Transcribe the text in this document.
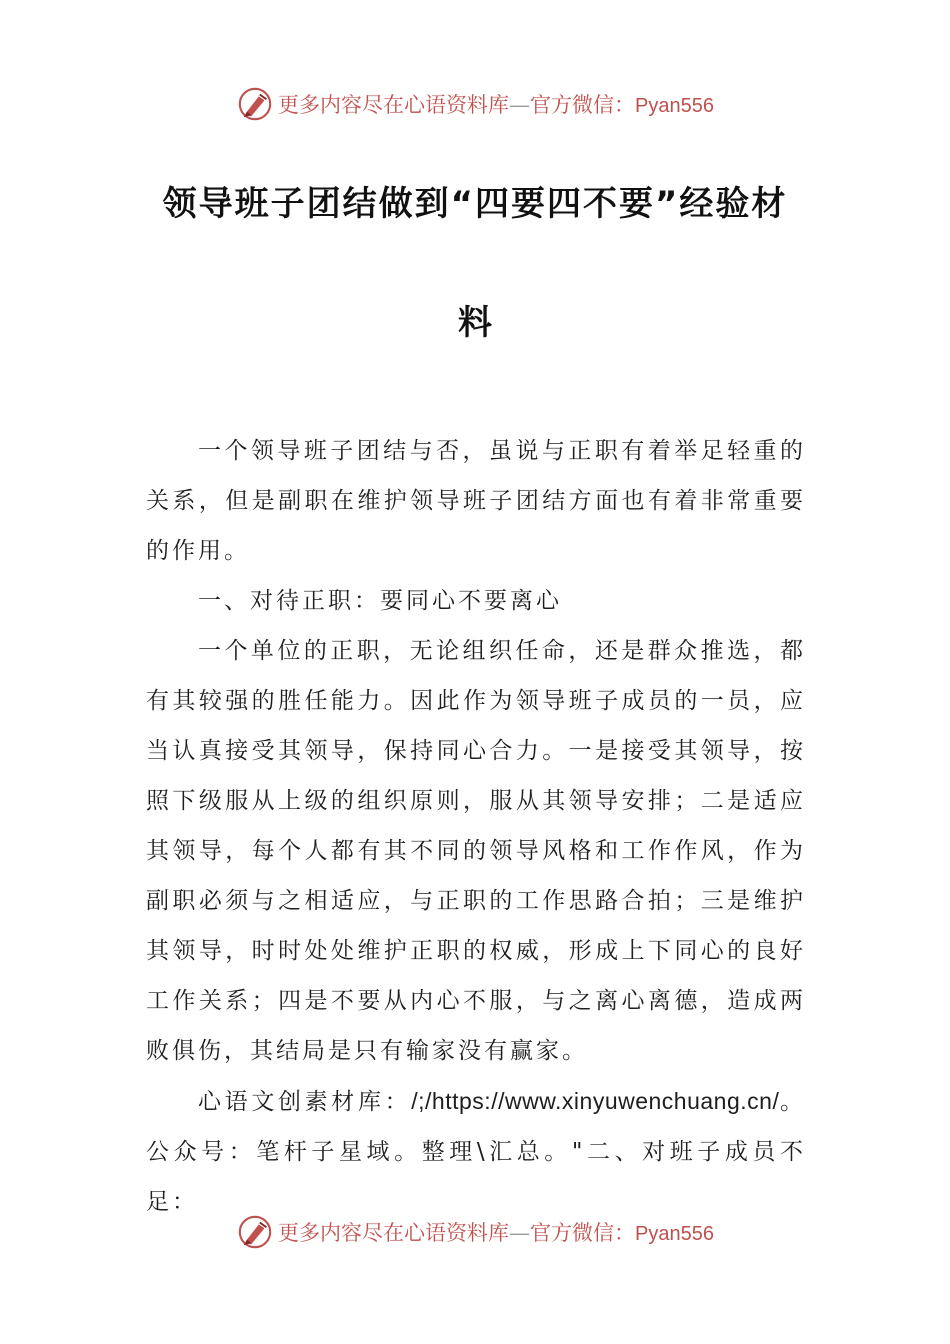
更多内容尽在心语资料库—官方微信：Pyan556
领导班子团结做到“四要四不要”经验材
料

一个领导班子团结与否，虽说与正职有着举足轻重的关系，但是副职在维护领导班子团结方面也有着非常重要的作用。

一、对待正职：要同心不要离心

一个单位的正职，无论组织任命，还是群众推选，都有其较强的胜任能力。因此作为领导班子成员的一员，应当认真接受其领导，保持同心合力。一是接受其领导，按照下级服从上级的组织原则，服从其领导安排；二是适应其领导，每个人都有其不同的领导风格和工作作风，作为副职必须与之相适应，与正职的工作思路合拍；三是维护其领导，时时处处维护正职的权威，形成上下同心的良好工作关系；四是不要从内心不服，与之离心离德，造成两败俱伤，其结局是只有输家没有赢家。

心语文创素材库：/;/https://www.xinyuwenchuang.cn/。公众号：笔杆子星域。整理\汇总。"二、对班子成员不足：

更多内容尽在心语资料库—官方微信：Pyan556
